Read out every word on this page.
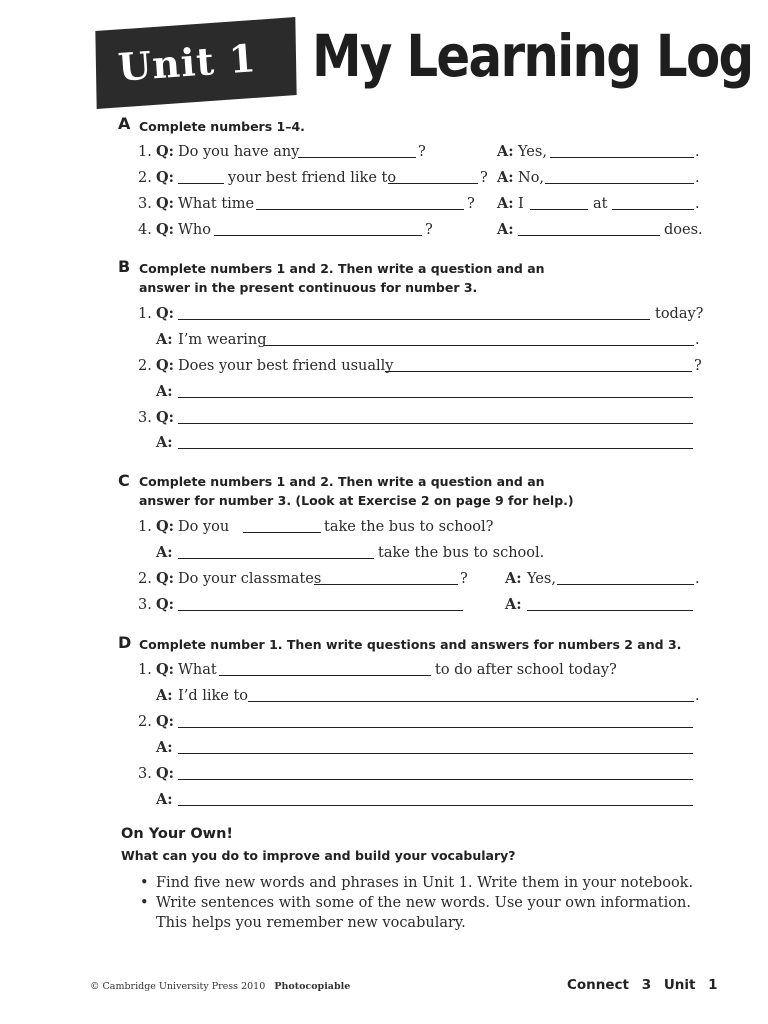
Unit 1 My Learning Log
A Complete numbers 1–4.
1. Q: Do you have any	?	A: Yes,	.
2. Q:	your best friend like to	? A: No,	.
3. Q: What time	? A: I	at	.
4. Q: Who	?	A:	does.
B Complete numbers 1 and 2. Then write a question and an answer in the present continuous for number 3.
1. Q:	today?
A: I’m wearing	.
2. Q: Does your best friend usually	?
A:
3. Q:
A:
C Complete numbers 1 and 2. Then write a question and an answer for number 3. (Look at Exercise 2 on page 9 for help.)
1. Q: Do you	take the bus to school?
A:	take the bus to school.
2. Q: Do your classmates	?	A: Yes,	.
3. Q:	A:
D Complete number 1. Then write questions and answers for numbers 2 and 3.
1. Q: What	to do after school today?
A: I’d like to	.
2. Q:
A:
3. Q:
A:
On Your Own!
What can you do to improve and build your vocabulary?
• Find five new words and phrases in Unit 1. Write them in your notebook.
• Write sentences with some of the new words. Use your own information. This helps you remember new vocabulary.
© Cambridge University Press 2010 Photocopiable	Connect 3 Unit 1
